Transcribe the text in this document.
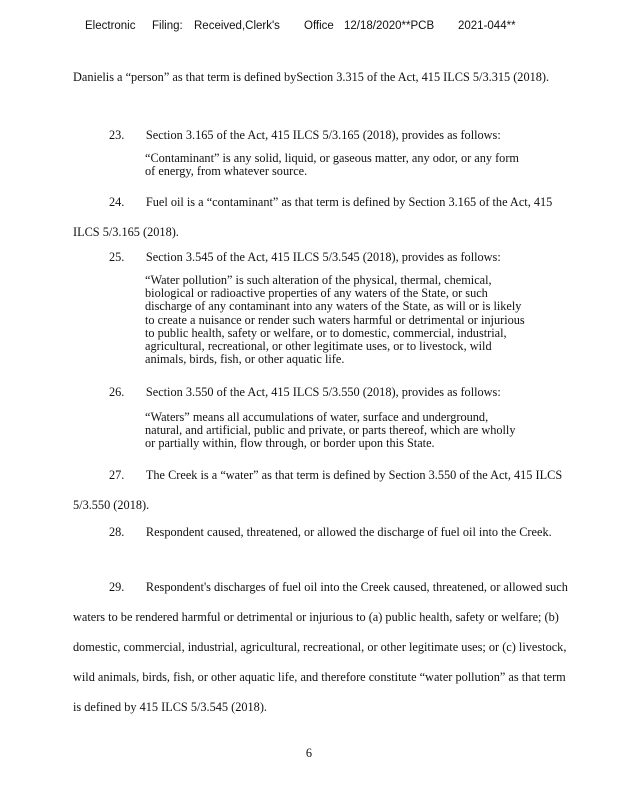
Electronic Filing: Received,Clerk's Office 12/18/2020**PCB 2021-044**
Danielis a “person” as that term is defined bySection 3.315 of the Act, 415 ILCS 5/3.315 (2018).
23.       Section 3.165 of the Act, 415 ILCS 5/3.165 (2018), provides as follows:
“Contaminant” is any solid, liquid, or gaseous matter, any odor, or any form of energy, from whatever source.
24.       Fuel oil is a “contaminant” as that term is defined by Section 3.165 of the Act, 415 ILCS 5/3.165 (2018).
25.       Section 3.545 of the Act, 415 ILCS 5/3.545 (2018), provides as follows:
“Water pollution” is such alteration of the physical, thermal, chemical, biological or radioactive properties of any waters of the State, or such discharge of any contaminant into any waters of the State, as will or is likely to create a nuisance or render such waters harmful or detrimental or injurious to public health, safety or welfare, or to domestic, commercial, industrial, agricultural, recreational, or other legitimate uses, or to livestock, wild animals, birds, fish, or other aquatic life.
26.       Section 3.550 of the Act, 415 ILCS 5/3.550 (2018), provides as follows:
“Waters” means all accumulations of water, surface and underground, natural, and artificial, public and private, or parts thereof, which are wholly or partially within, flow through, or border upon this State.
27.       The Creek is a “water” as that term is defined by Section 3.550 of the Act, 415 ILCS 5/3.550 (2018).
28.       Respondent caused, threatened, or allowed the discharge of fuel oil into the Creek.
29.       Respondent's discharges of fuel oil into the Creek caused, threatened, or allowed such waters to be rendered harmful or detrimental or injurious to (a) public health, safety or welfare; (b) domestic, commercial, industrial, agricultural, recreational, or other legitimate uses; or (c) livestock, wild animals, birds, fish, or other aquatic life, and therefore constitute “water pollution” as that term is defined by 415 ILCS 5/3.545 (2018).
6
